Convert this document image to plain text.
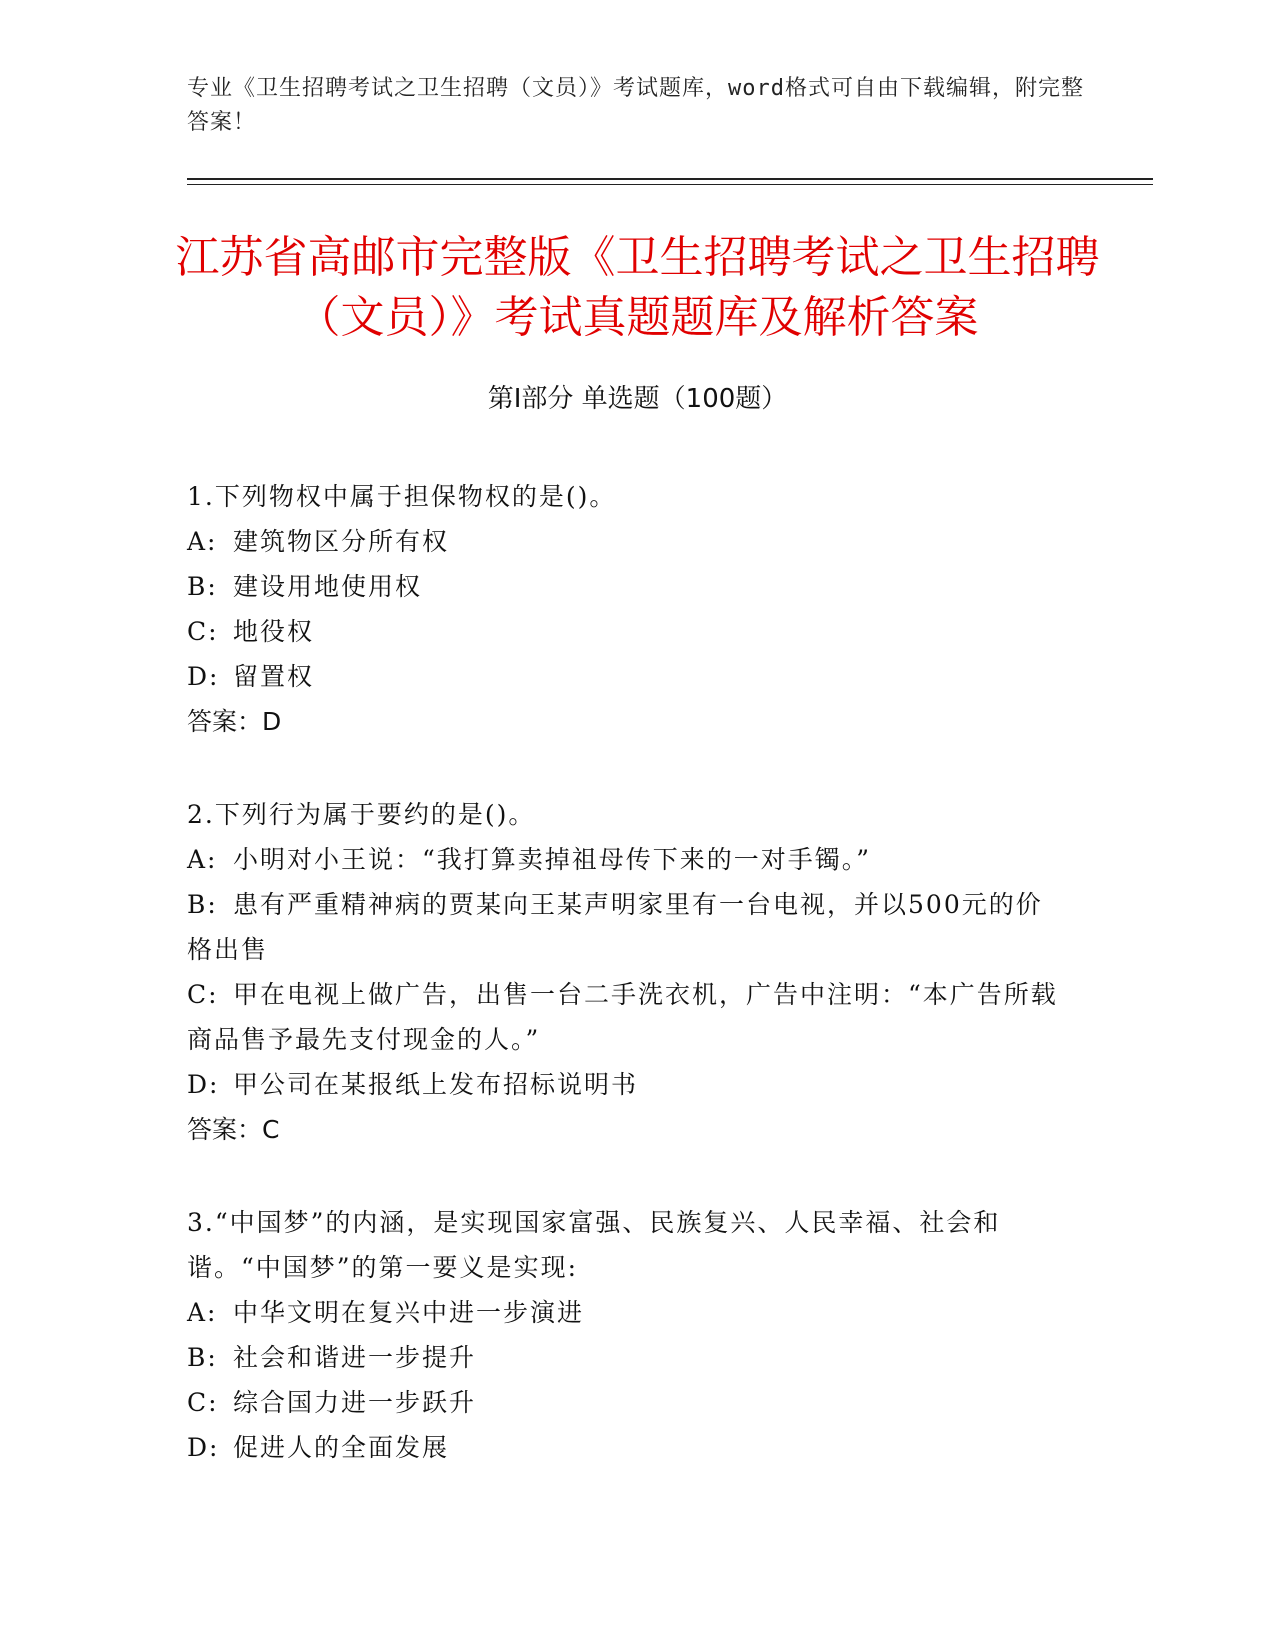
专业《卫生招聘考试之卫生招聘（文员）》考试题库，word格式可自由下载编辑，附完整答案！
江苏省高邮市完整版《卫生招聘考试之卫生招聘（文员）》考试真题题库及解析答案
第Ⅰ部分 单选题（100题）

1.下列物权中属于担保物权的是()。

A: 建筑物区分所有权

B: 建设用地使用权

C: 地役权

D: 留置权

答案：D

2.下列行为属于要约的是()。

A: 小明对小王说：“我打算卖掉祖母传下来的一对手镯。”

B: 患有严重精神病的贾某向王某声明家里有一台电视，并以500元的价格出售

C: 甲在电视上做广告，出售一台二手洗衣机，广告中注明：“本广告所载商品售予最先支付现金的人。”

D: 甲公司在某报纸上发布招标说明书

答案：C

3.“中国梦”的内涵，是实现国家富强、民族复兴、人民幸福、社会和谐。“中国梦”的第一要义是实现:

A: 中华文明在复兴中进一步演进

B: 社会和谐进一步提升

C: 综合国力进一步跃升

D: 促进人的全面发展
